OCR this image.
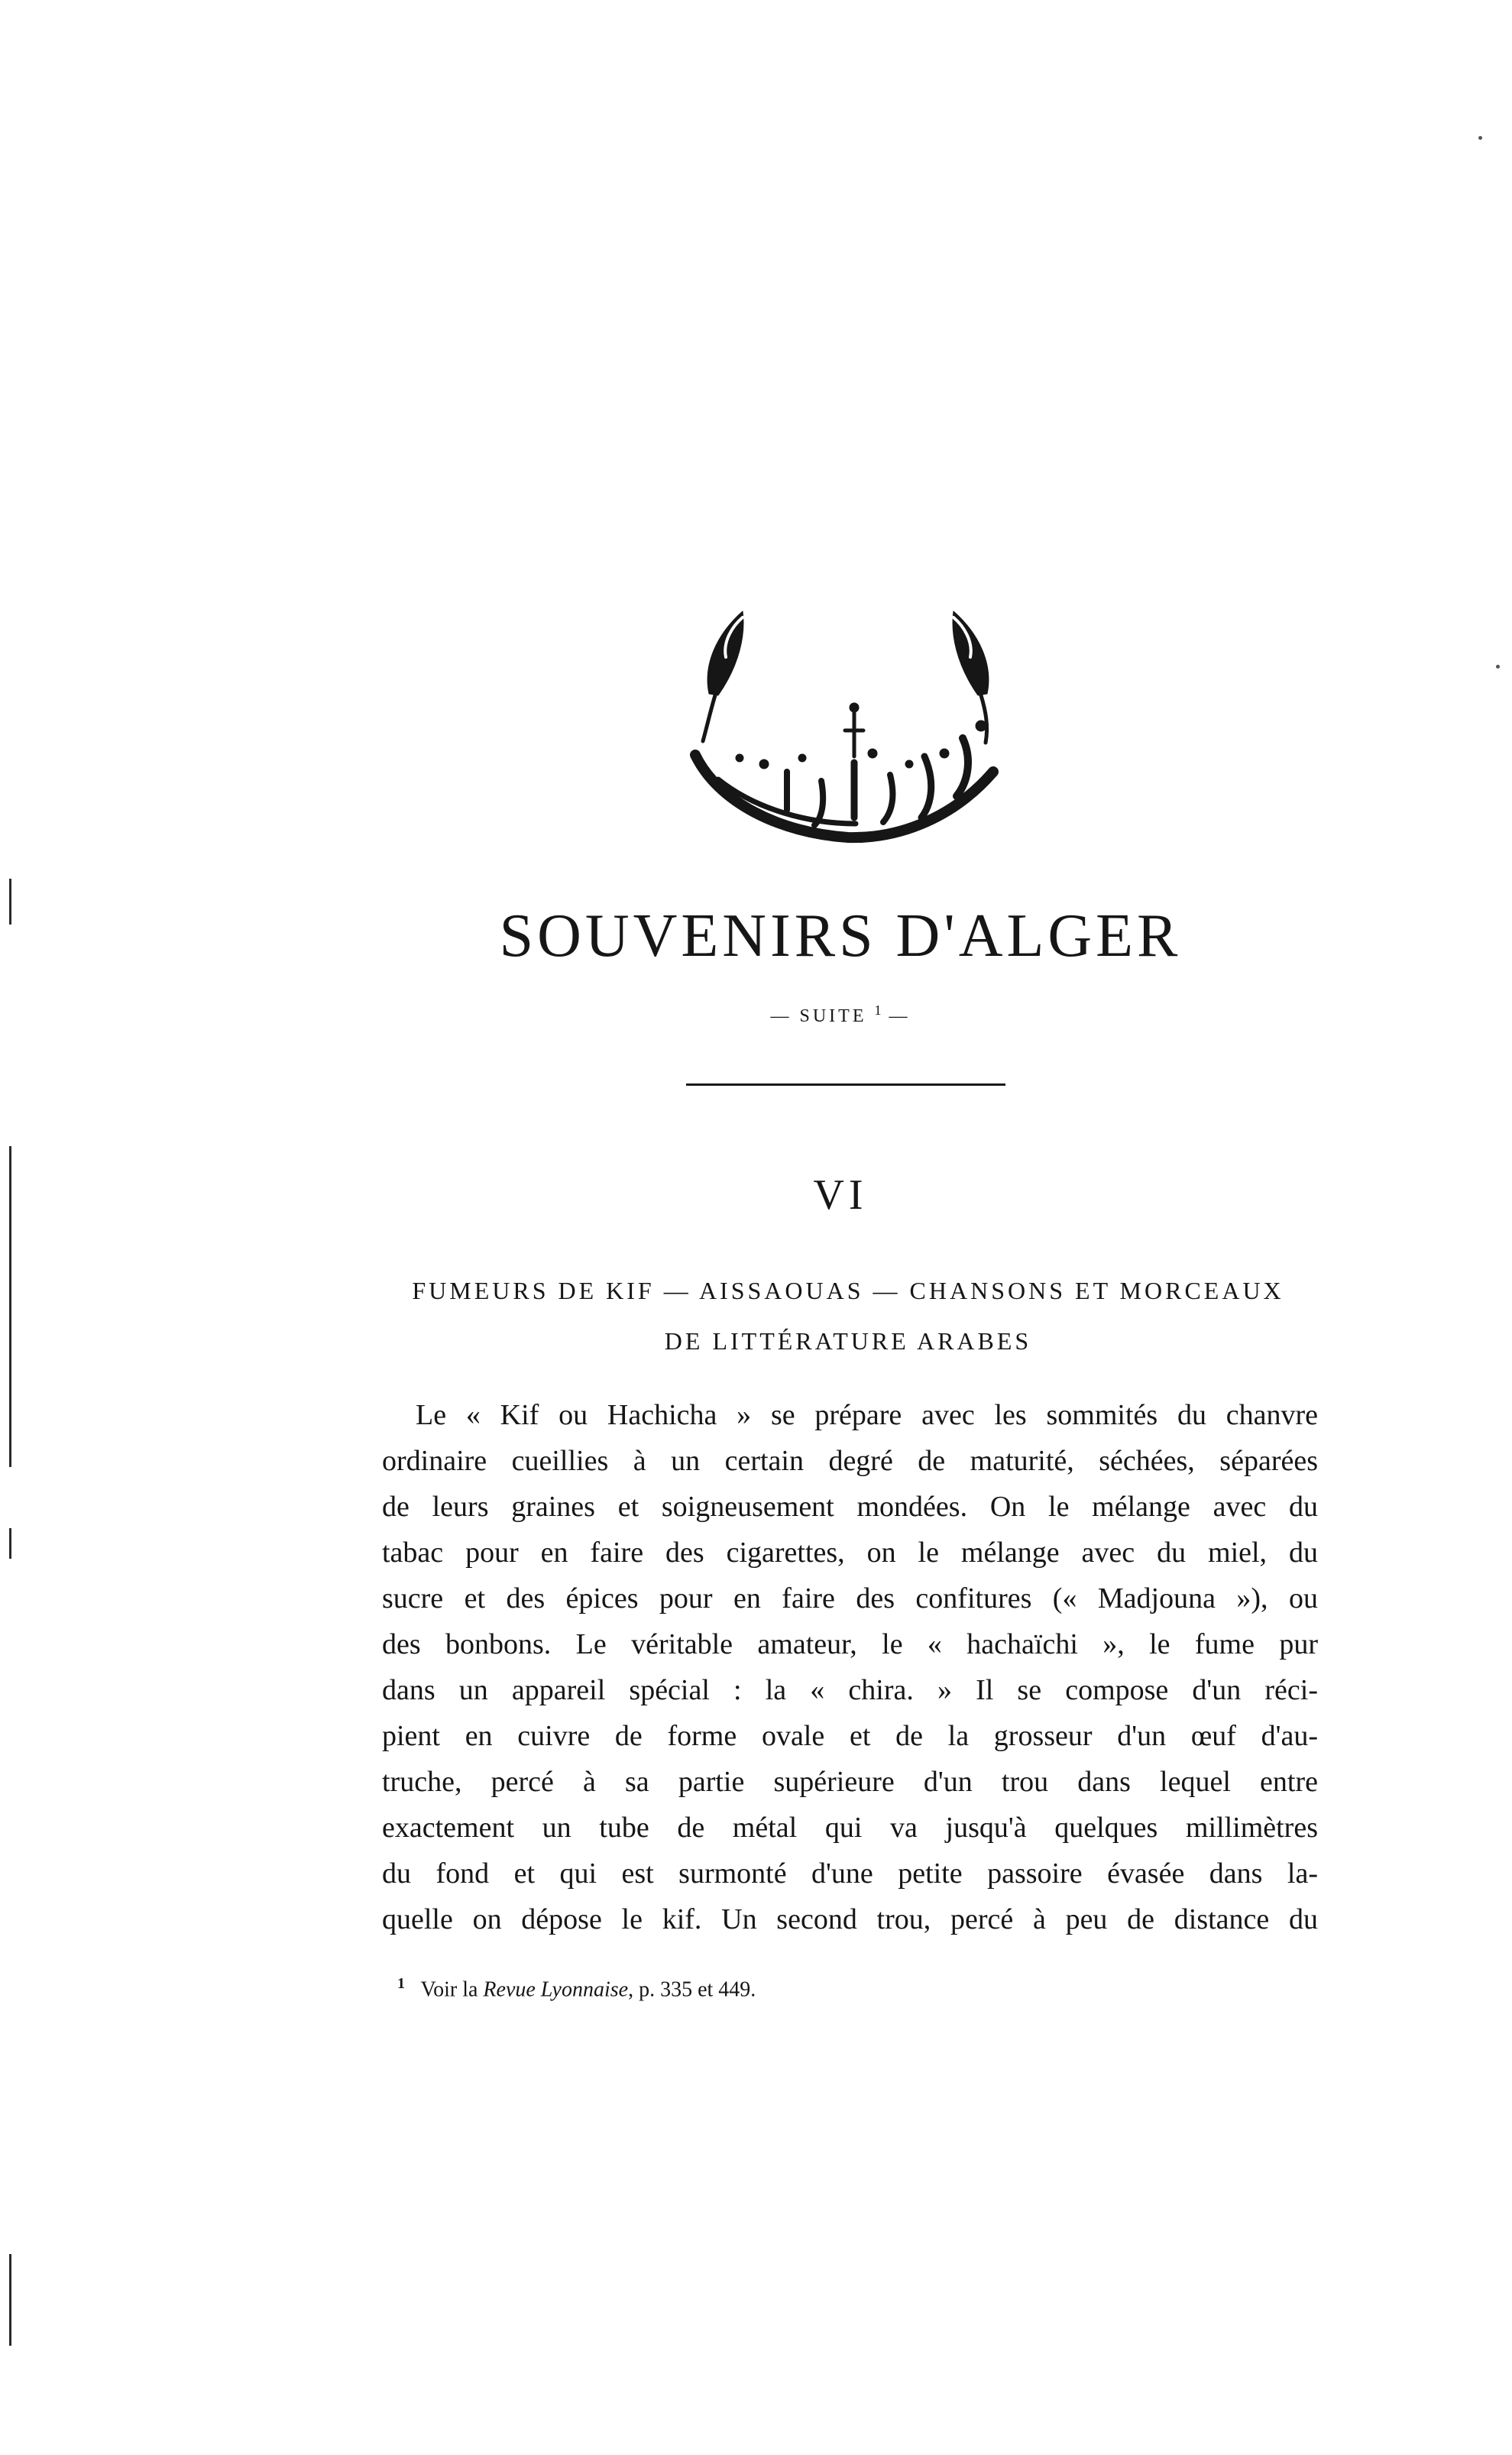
SOUVENIRS D'ALGER
— SUITE $^1$ —
VI
FUMEURS DE KIF — AISSAOUAS — CHANSONS ET MORCEAUX
DE LITTÉRATURE ARABES
Le « Kif ou Hachicha » se prépare avec les sommités du chanvre
ordinaire cueillies à un certain degré de maturité, séchées, séparées
de leurs graines et soigneusement mondées. On le mélange avec du
tabac pour en faire des cigarettes, on le mélange avec du miel, du
sucre et des épices pour en faire des confitures (« Madjouna »), ou
des bonbons. Le véritable amateur, le « hachaïchi », le fume pur
dans un appareil spécial : la « chira. » Il se compose d'un réci-
pient en cuivre de forme ovale et de la grosseur d'un œuf d'au-
truche, percé à sa partie supérieure d'un trou dans lequel entre
exactement un tube de métal qui va jusqu'à quelques millimètres
du fond et qui est surmonté d'une petite passoire évasée dans la-
quelle on dépose le kif. Un second trou, percé à peu de distance du
$^1$ Voir la Revue Lyonnaise, p. 335 et 449.
